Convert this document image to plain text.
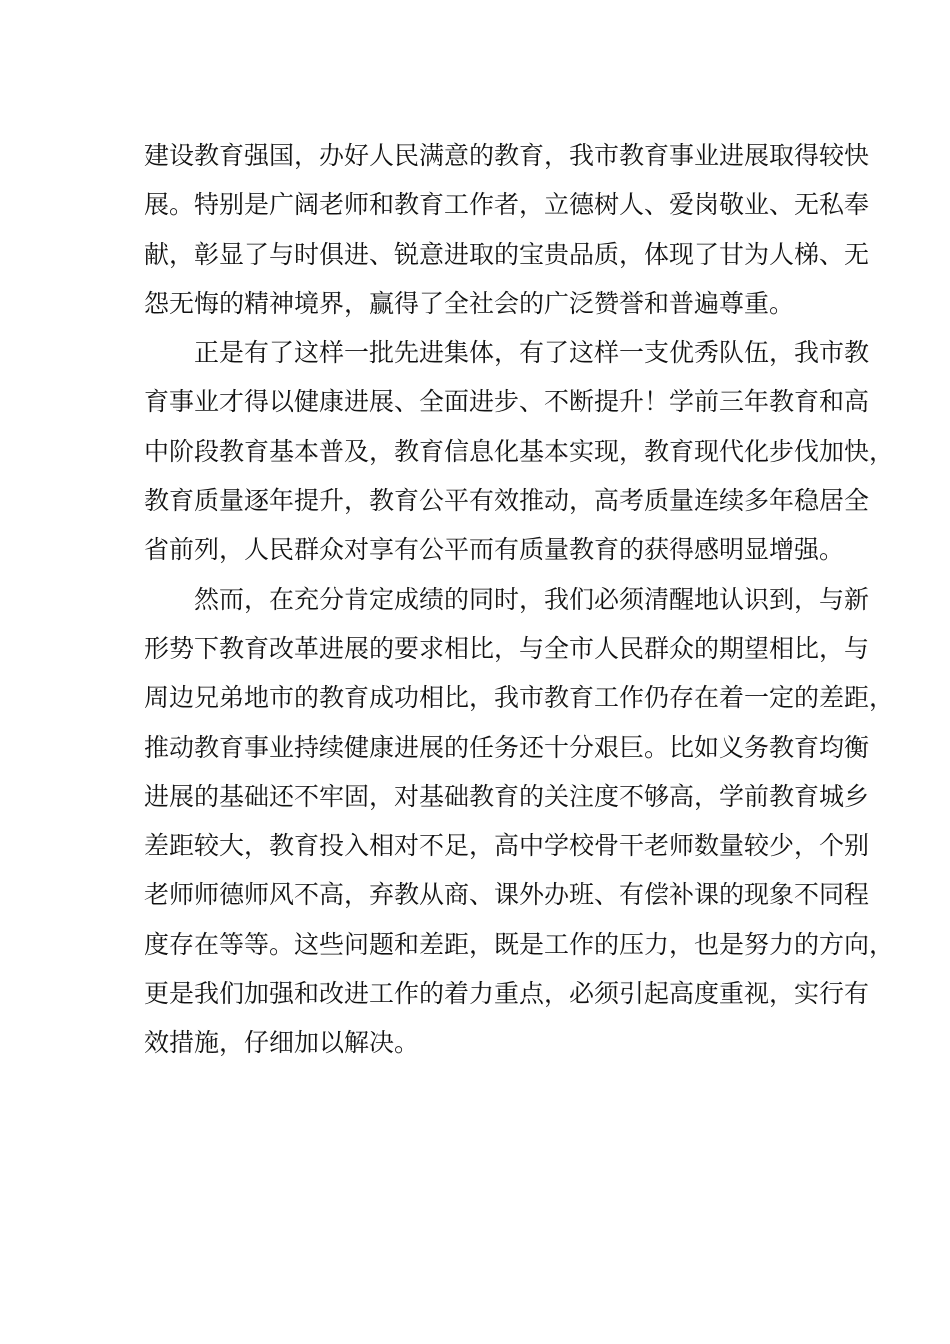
建设教育强国，办好人民满意的教育，我市教育事业进展取得较快
展。特别是广阔老师和教育工作者，立德树人、爱岗敬业、无私奉
献，彰显了与时俱进、锐意进取的宝贵品质，体现了甘为人梯、无
怨无悔的精神境界，赢得了全社会的广泛赞誉和普遍尊重。
正是有了这样一批先进集体，有了这样一支优秀队伍，我市教
育事业才得以健康进展、全面进步、不断提升！学前三年教育和高
中阶段教育基本普及，教育信息化基本实现，教育现代化步伐加快，
教育质量逐年提升，教育公平有效推动，高考质量连续多年稳居全
省前列，人民群众对享有公平而有质量教育的获得感明显增强。
然而，在充分肯定成绩的同时，我们必须清醒地认识到，与新
形势下教育改革进展的要求相比，与全市人民群众的期望相比，与
周边兄弟地市的教育成功相比，我市教育工作仍存在着一定的差距，
推动教育事业持续健康进展的任务还十分艰巨。比如义务教育均衡
进展的基础还不牢固，对基础教育的关注度不够高，学前教育城乡
差距较大，教育投入相对不足，高中学校骨干老师数量较少，个别
老师师德师风不高，弃教从商、课外办班、有偿补课的现象不同程
度存在等等。这些问题和差距，既是工作的压力，也是努力的方向，
更是我们加强和改进工作的着力重点，必须引起高度重视，实行有
效措施，仔细加以解决。
